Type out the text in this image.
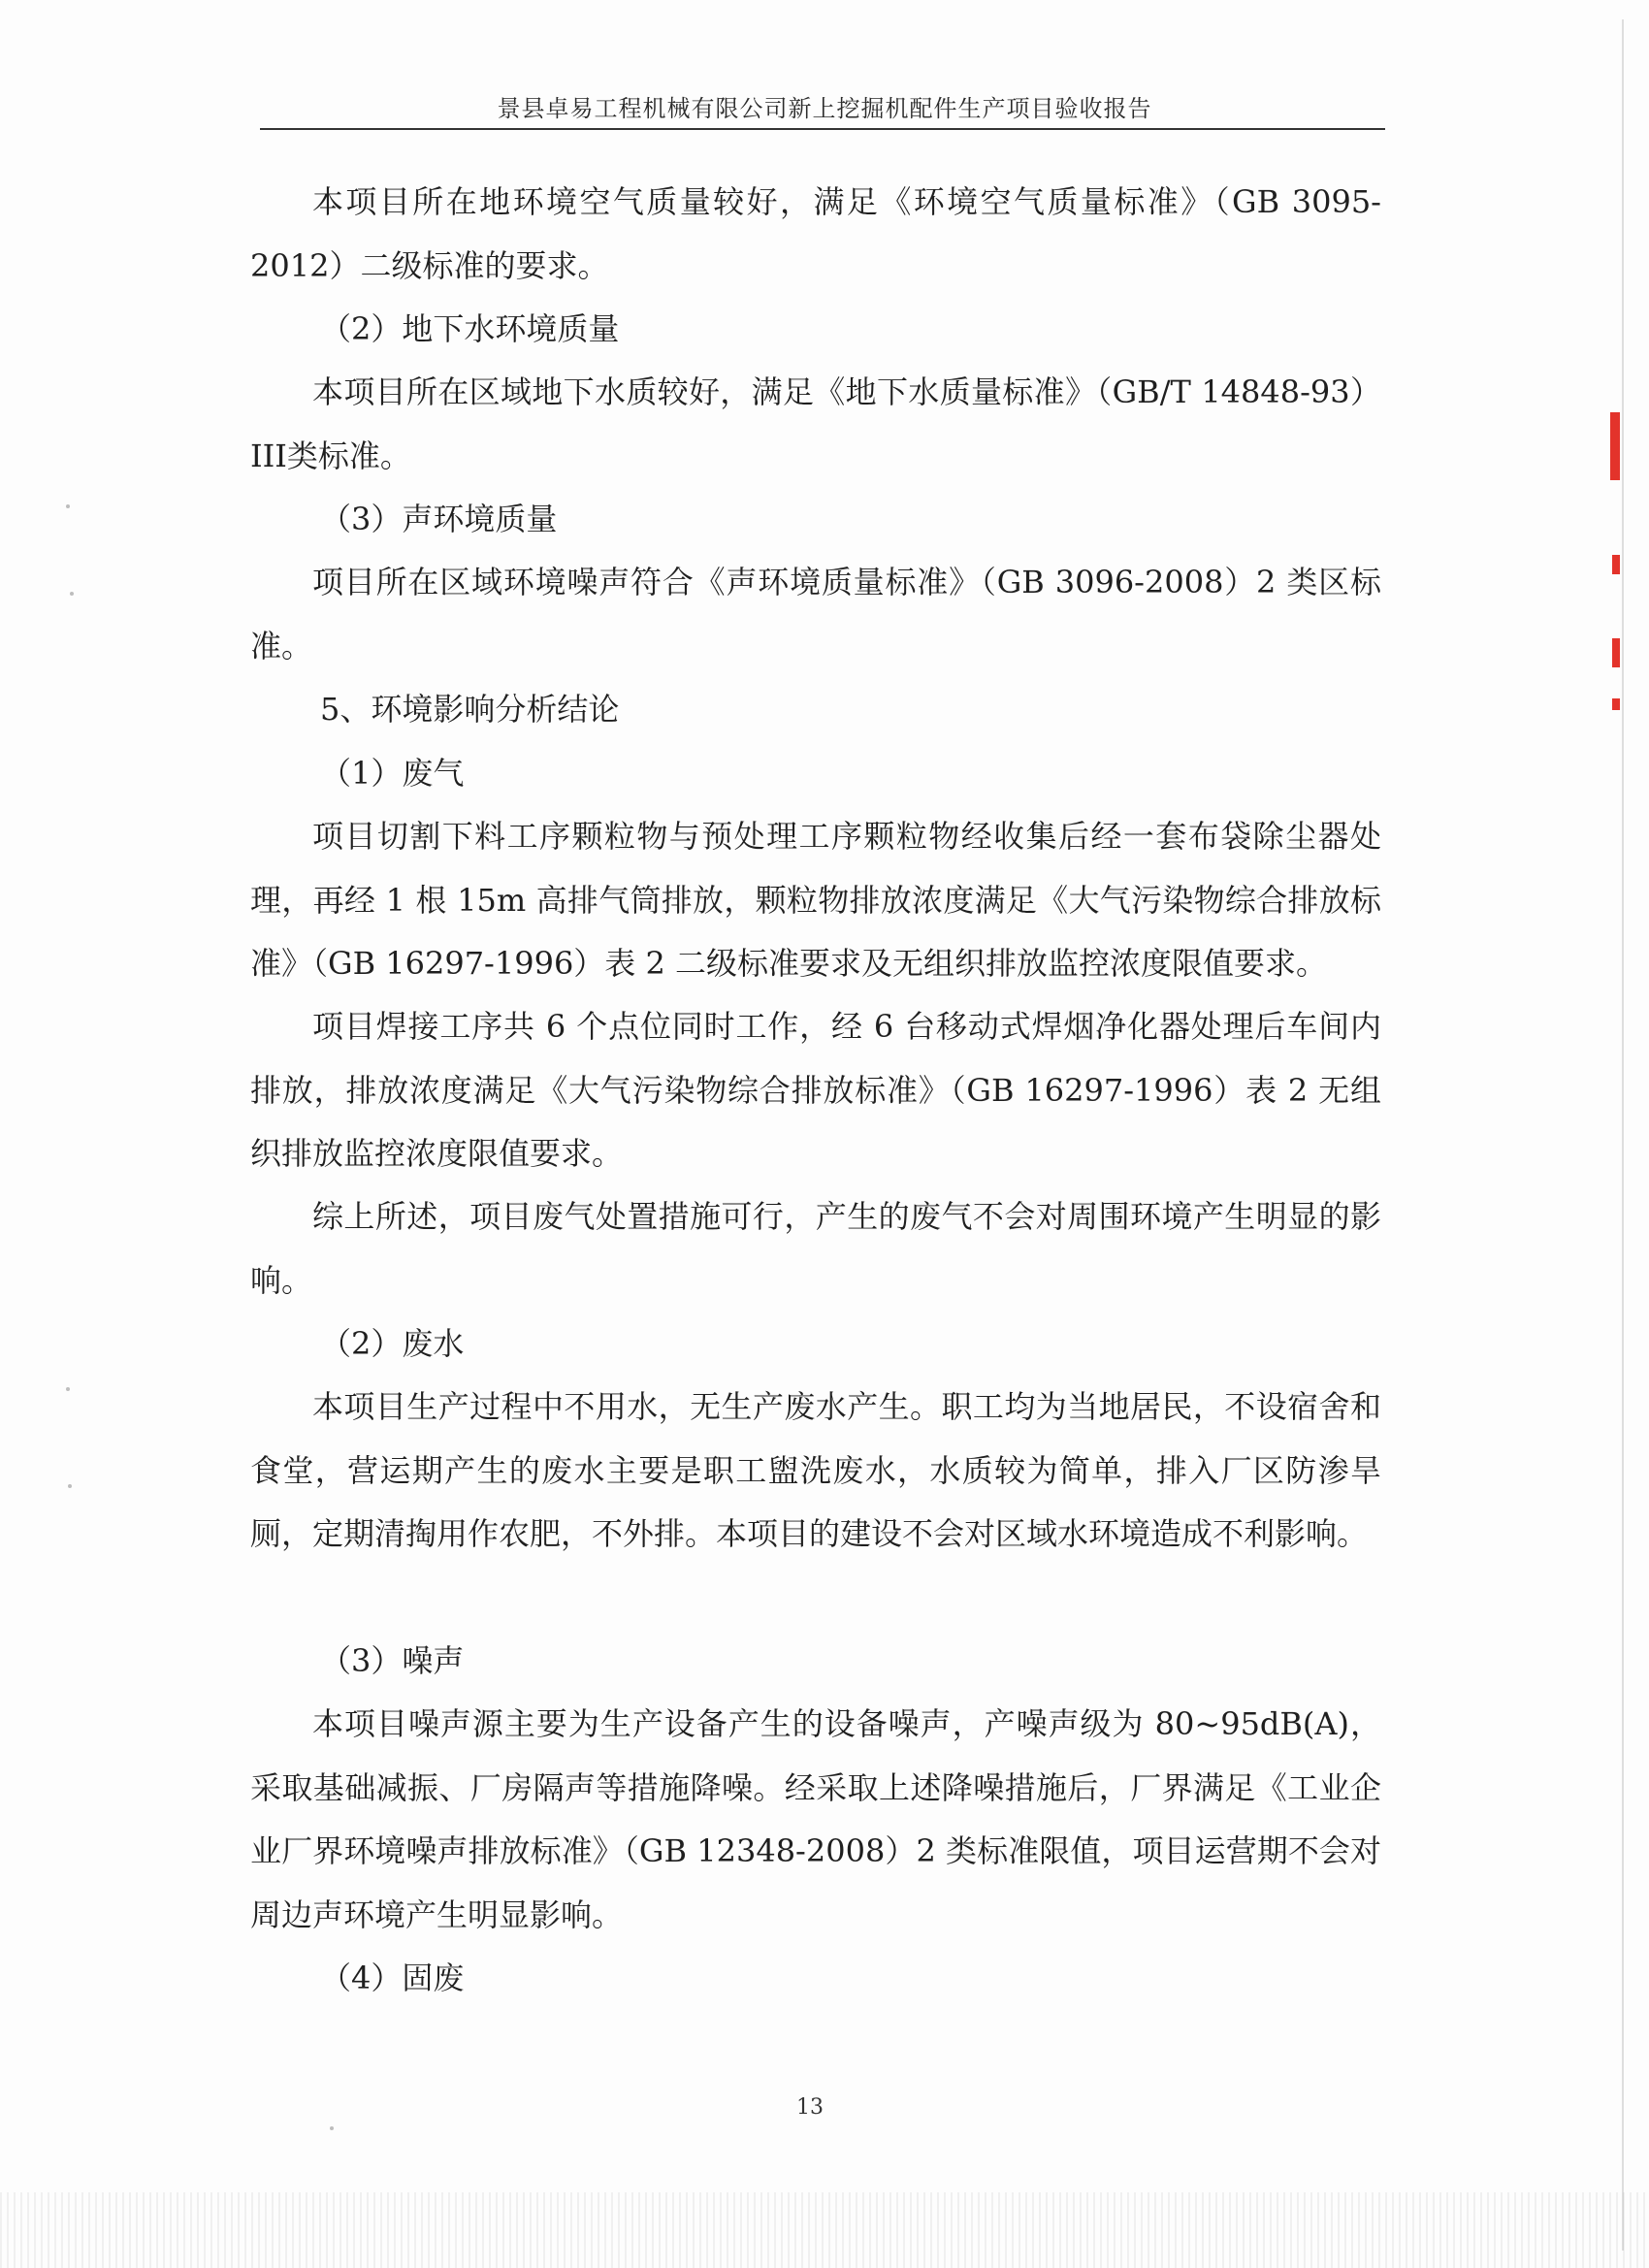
景县卓易工程机械有限公司新上挖掘机配件生产项目验收报告

本项目所在地环境空气质量较好，满足《环境空气质量标准》（GB 3095-2012）二级标准的要求。

（2）地下水环境质量

本项目所在区域地下水质较好，满足《地下水质量标准》（GB/T 14848-93）III类标准。

（3）声环境质量

项目所在区域环境噪声符合《声环境质量标准》（GB 3096-2008）2 类区标准。

5、环境影响分析结论

（1）废气

项目切割下料工序颗粒物与预处理工序颗粒物经收集后经一套布袋除尘器处理，再经 1 根 15m 高排气筒排放，颗粒物排放浓度满足《大气污染物综合排放标准》（GB 16297-1996）表 2 二级标准要求及无组织排放监控浓度限值要求。

项目焊接工序共 6 个点位同时工作，经 6 台移动式焊烟净化器处理后车间内排放，排放浓度满足《大气污染物综合排放标准》（GB 16297-1996）表 2 无组织排放监控浓度限值要求。

综上所述，项目废气处置措施可行，产生的废气不会对周围环境产生明显的影响。

（2）废水

本项目生产过程中不用水，无生产废水产生。职工均为当地居民，不设宿舍和食堂，营运期产生的废水主要是职工盥洗废水，水质较为简单，排入厂区防渗旱厕，定期清掏用作农肥，不外排。本项目的建设不会对区域水环境造成不利影响。

（3）噪声

本项目噪声源主要为生产设备产生的设备噪声，产噪声级为 80~95dB(A)，采取基础减振、厂房隔声等措施降噪。经采取上述降噪措施后，厂界满足《工业企业厂界环境噪声排放标准》（GB 12348-2008）2 类标准限值，项目运营期不会对周边声环境产生明显影响。

（4）固废

13
